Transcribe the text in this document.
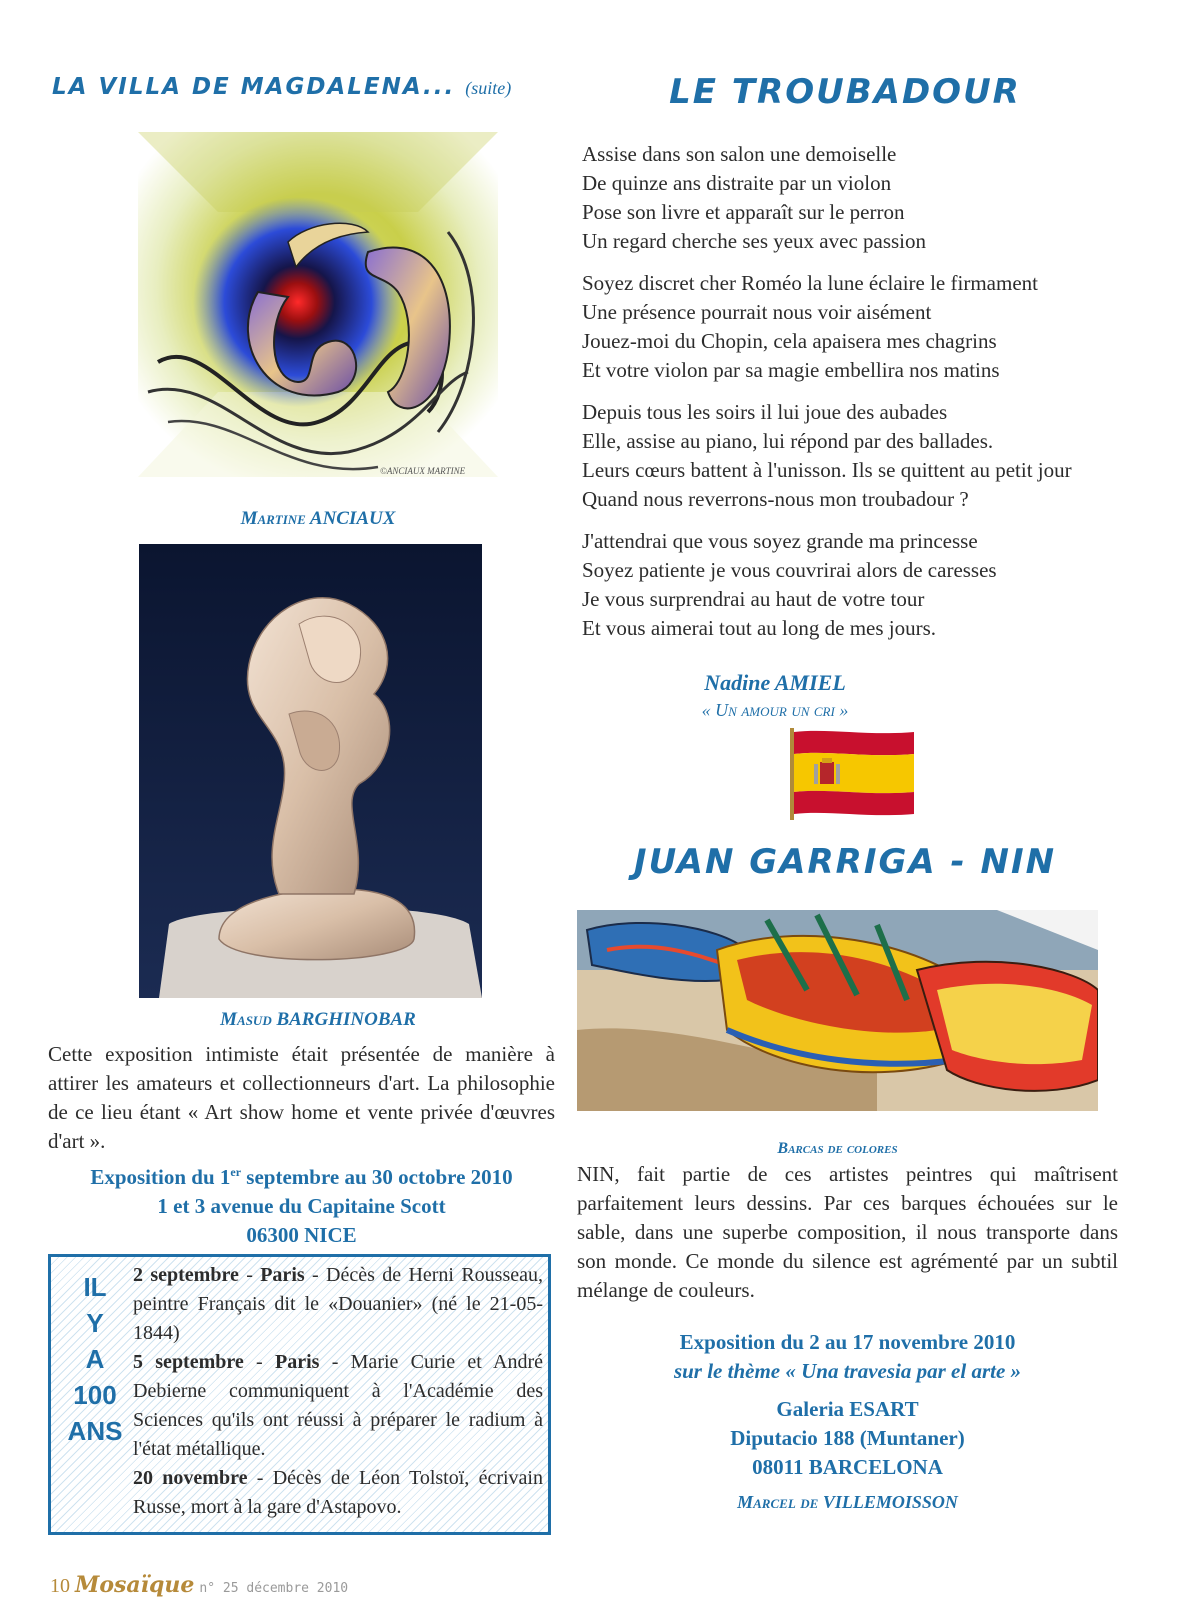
LA VILLA DE MAGDALENA... (suite)
©ANCIAUX MARTINE
Martine ANCIAUX
Masud BARGHINOBAR
Cette exposition intimiste était présentée de manière à attirer les amateurs et collectionneurs d'art. La philosophie de ce lieu étant « Art show home et vente privée d'œuvres d'art ».
Exposition du 1er septembre au 30 octobre 2010
1 et 3 avenue du Capitaine Scott
06300 NICE
IL
Y
A
100
ANS

2 septembre - Paris - Décès de Herni Rousseau, peintre Français dit le «Douanier» (né le 21-05-1844)

5 septembre - Paris - Marie Curie et André Debierne communiquent à l'Académie des Sciences qu'ils ont réussi à préparer le radium à l'état métallique.

20 novembre - Décès de Léon Tolstoï, écrivain Russe, mort à la gare d'Astapovo.

10 Mosaïque n° 25 décembre 2010
LE TROUBADOUR

Assise dans son salon une demoiselle
De quinze ans distraite par un violon
Pose son livre et apparaît sur le perron
Un regard cherche ses yeux avec passion

Soyez discret cher Roméo la lune éclaire le firmament
Une présence pourrait nous voir aisément
Jouez-moi du Chopin, cela apaisera mes chagrins
Et votre violon par sa magie embellira nos matins

Depuis tous les soirs il lui joue des aubades
Elle, assise au piano, lui répond par des ballades.
Leurs cœurs battent à l'unisson. Ils se quittent au petit jour
Quand nous reverrons-nous mon troubadour ?

J'attendrai que vous soyez grande ma princesse
Soyez patiente je vous couvrirai alors de caresses
Je vous surprendrai au haut de votre tour
Et vous aimerai tout au long de mes jours.

Nadine AMIEL
« Un amour un cri »
JUAN GARRIGA - NIN
Barcas de colores
NIN, fait partie de ces artistes peintres qui maîtrisent parfaitement leurs dessins. Par ces barques échouées sur le sable, dans une superbe composition, il nous transporte dans son monde. Ce monde du silence est agrémenté par un subtil mélange de couleurs.
Exposition du 2 au 17 novembre 2010
sur le thème « Una travesia par el arte »
Galeria ESART
Diputacio 188 (Muntaner)
08011 BARCELONA
Marcel de VILLEMOISSON
